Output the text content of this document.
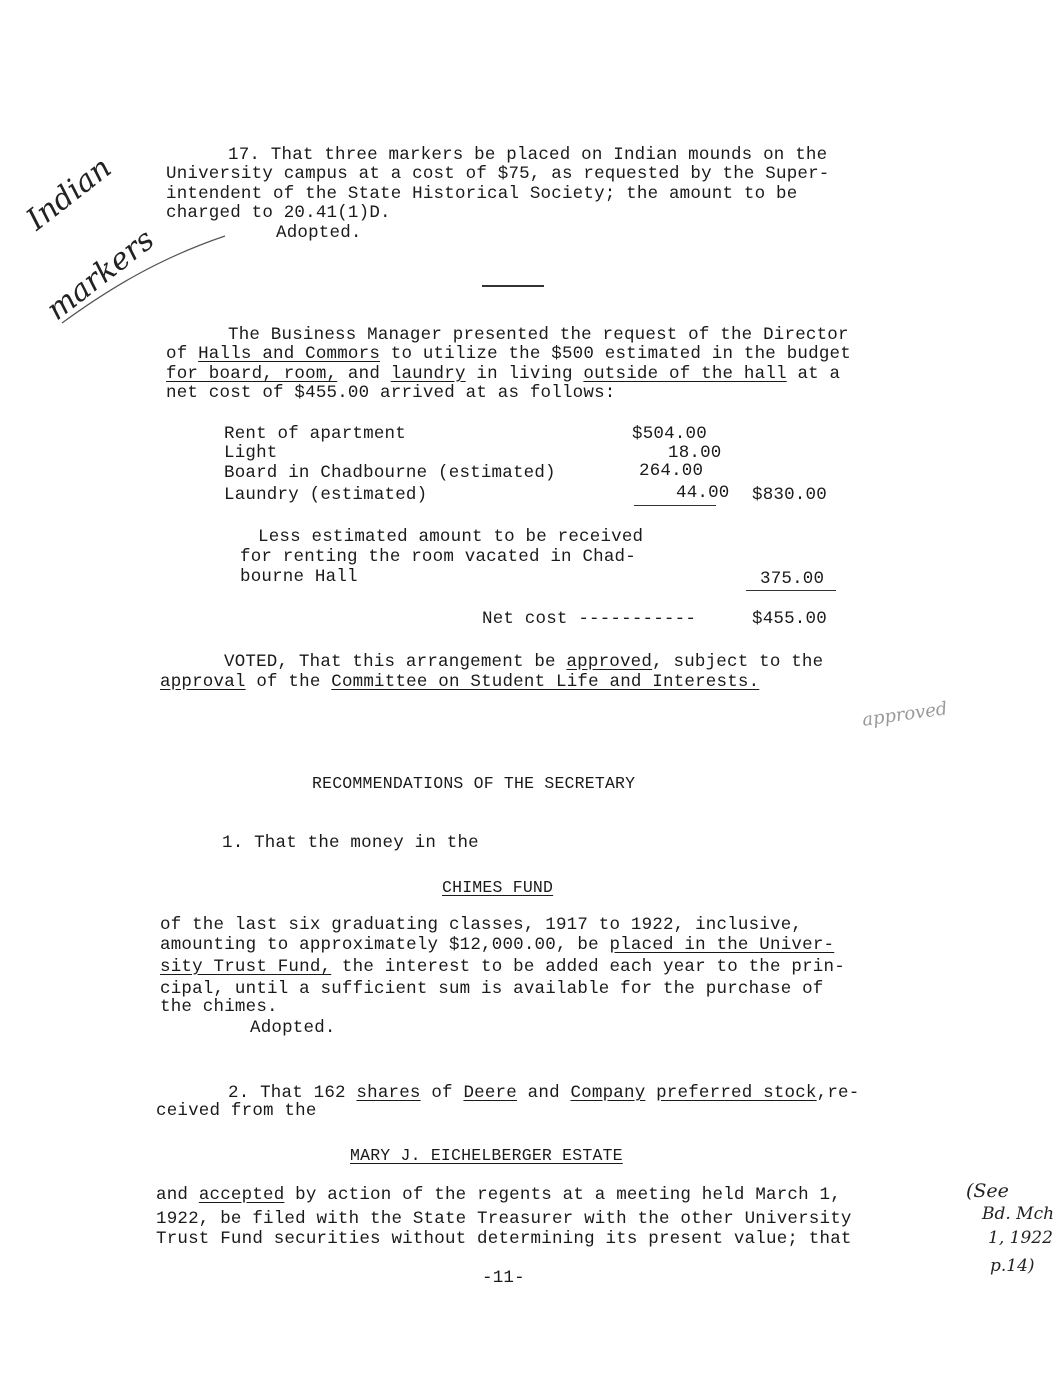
17. That three markers be placed on Indian mounds on the
University campus at a cost of $75, as requested by the Super-
intendent of the State Historical Society; the amount to be
charged to 20.41(1)D.
Adopted.
Indian
markers
The Business Manager presented the request of the Director
of Halls and Commors to utilize the $500 estimated in the budget
for board, room, and laundry in living outside of the hall at a
net cost of $455.00 arrived at as follows:
Rent of apartment	$504.00
Light	18.00
Board in Chadbourne (estimated)	264.00
Laundry (estimated)	44.00 $830.00
Less estimated amount to be received
for renting the room vacated in Chad-
bourne Hall	375.00
Net cost -----------	$455.00
VOTED, That this arrangement be approved, subject to the
approval of the Committee on Student Life and Interests.
approved
RECOMMENDATIONS OF THE SECRETARY
1. That the money in the
CHIMES FUND
of the last six graduating classes, 1917 to 1922, inclusive,
amounting to approximately $12,000.00, be placed in the Univer-
sity Trust Fund, the interest to be added each year to the prin-
cipal, until a sufficient sum is available for the purchase of
the chimes.
Adopted.
2. That 162 shares of Deere and Company preferred stock,re-
ceived from the
MARY J. EICHELBERGER ESTATE
and accepted by action of the regents at a meeting held March 1,
1922, be filed with the State Treasurer with the other University
Trust Fund securities without determining its present value; that
(See
Bd. Mch
1, 1922
p.14)
-11-
